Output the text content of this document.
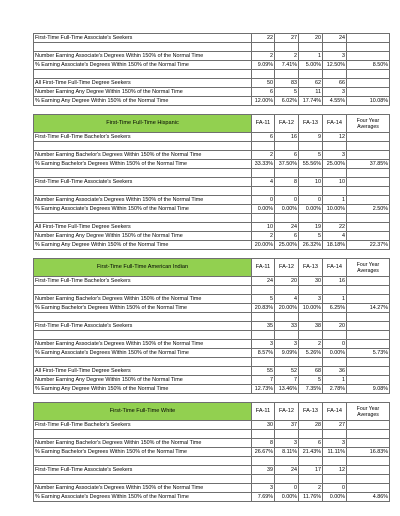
First-Time Full-Time Associate's Seekers	22	27	20	24	

Number Earning Associate's Degrees Within 150% of the Normal Time	2	2	1	3	
% Earning Associate's Degrees Within 150% of the Normal Time	9.09%	7.41%	5.00%	12.50%	8.50%

All First-Time Full-Time Degree Seekers	50	83	62	66	
Number Earning Any Degree Within 150% of the Normal Time	6	5	11	3	
% Earning Any Degree Within 150% of the Normal Time	12.00%	6.02%	17.74%	4.55%	10.08%

First-Time Full-Time Hispanic	FA-11	FA-12	FA-13	FA-14	Four Year Averages
First-Time Full-Time Bachelor's Seekers	6	16	9	12	

Number Earning Bachelor's Degrees Within 150% of the Normal Time	2	6	5	3	
% Earning Bachelor's Degrees Within 150% of the Normal Time	33.33%	37.50%	55.56%	25.00%	37.85%

First-Time Full-Time Associate's Seekers	4	8	10	10	

Number Earning Associate's Degrees Within 150% of the Normal Time	0	0	0	1	
% Earning Associate's Degrees Within 150% of the Normal Time	0.00%	0.00%	0.00%	10.00%	2.50%

All First-Time Full-Time Degree Seekers	10	24	19	22	
Number Earning Any Degree Within 150% of the Normal Time	2	6	5	4	
% Earning Any Degree Within 150% of the Normal Time	20.00%	25.00%	26.32%	18.18%	22.37%

First-Time Full-Time American Indian	FA-11	FA-12	FA-13	FA-14	Four Year Averages
First-Time Full-Time Bachelor's Seekers	24	20	30	16	

Number Earning Bachelor's Degrees Within 150% of the Normal Time	5	4	3	1	
% Earning Bachelor's Degrees Within 150% of the Normal Time	20.83%	20.00%	10.00%	6.25%	14.27%

First-Time Full-Time Associate's Seekers	35	33	38	20	

Number Earning Associate's Degrees Within 150% of the Normal Time	3	3	2	0	
% Earning Associate's Degrees Within 150% of the Normal Time	8.57%	9.09%	5.26%	0.00%	5.73%

All First-Time Full-Time Degree Seekers	55	52	68	36	
Number Earning Any Degree Within 150% of the Normal Time	7	7	5	1	
% Earning Any Degree Within 150% of the Normal Time	12.73%	13.46%	7.35%	2.78%	9.08%

First-Time Full-Time White	FA-11	FA-12	FA-13	FA-14	Four Year Averages
First-Time Full-Time Bachelor's Seekers	30	37	28	27	

Number Earning Bachelor's Degrees Within 150% of the Normal Time	8	3	6	3	
% Earning Bachelor's Degrees Within 150% of the Normal Time	26.67%	8.11%	21.43%	11.11%	16.83%

First-Time Full-Time Associate's Seekers	39	24	17	12	

Number Earning Associate's Degrees Within 150% of the Normal Time	3	0	2	0	
% Earning Associate's Degrees Within 150% of the Normal Time	7.69%	0.00%	11.76%	0.00%	4.86%
